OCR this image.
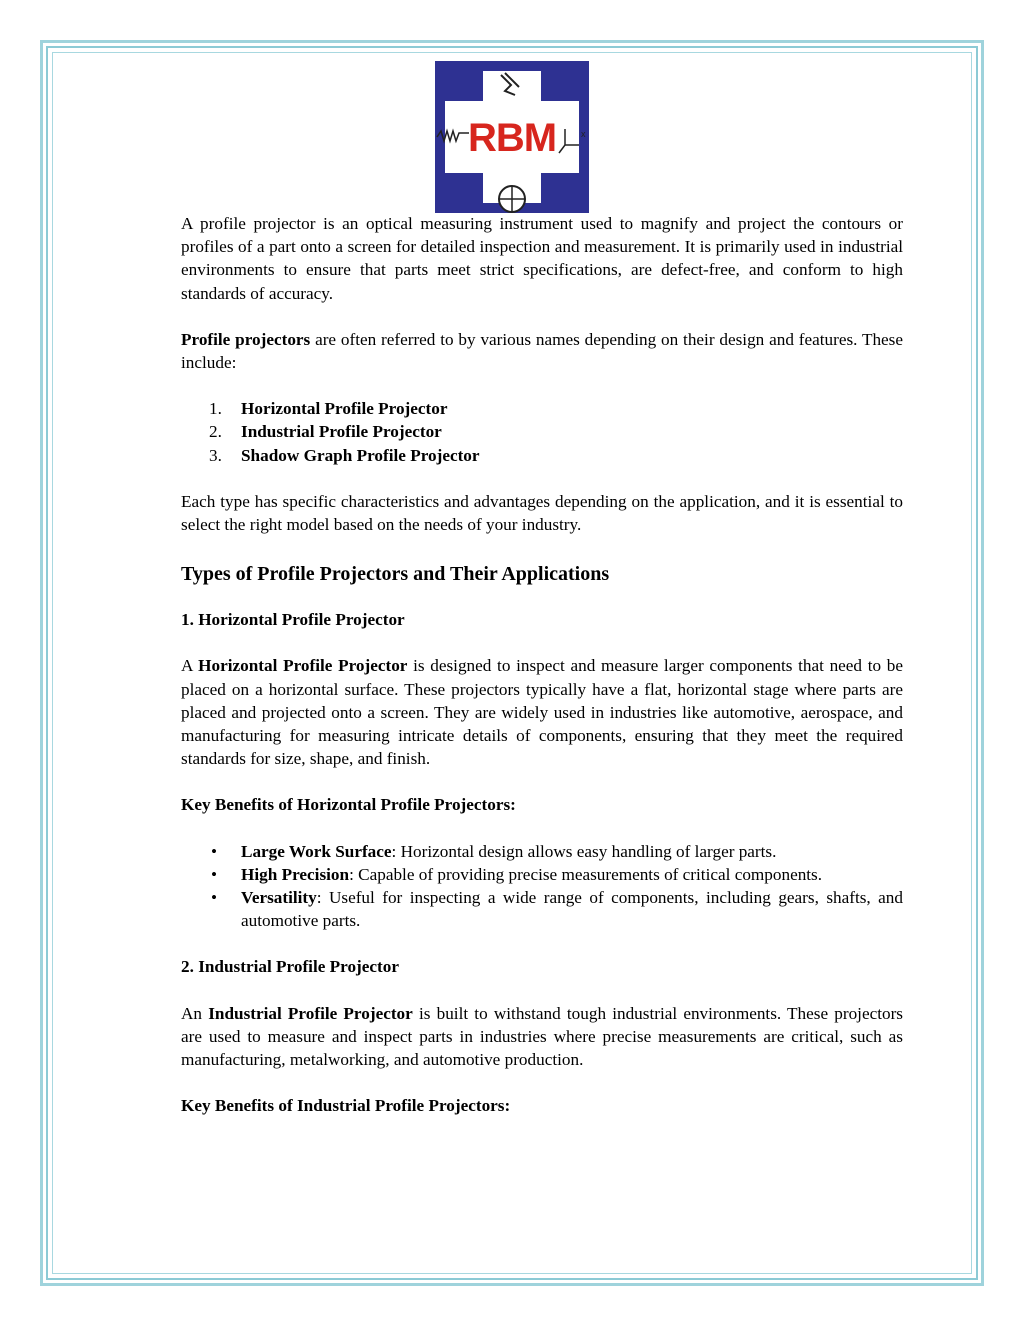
RBM	x

A profile projector is an optical measuring instrument used to magnify and project the contours or profiles of a part onto a screen for detailed inspection and measurement. It is primarily used in industrial environments to ensure that parts meet strict specifications, are defect-free, and conform to high standards of accuracy.

Profile projectors are often referred to by various names depending on their design and features. These include:

1. Horizontal Profile Projector
2. Industrial Profile Projector
3. Shadow Graph Profile Projector

Each type has specific characteristics and advantages depending on the application, and it is essential to select the right model based on the needs of your industry.

Types of Profile Projectors and Their Applications

1. Horizontal Profile Projector

A Horizontal Profile Projector is designed to inspect and measure larger components that need to be placed on a horizontal surface. These projectors typically have a flat, horizontal stage where parts are placed and projected onto a screen. They are widely used in industries like automotive, aerospace, and manufacturing for measuring intricate details of components, ensuring that they meet the required standards for size, shape, and finish.

Key Benefits of Horizontal Profile Projectors:

• Large Work Surface: Horizontal design allows easy handling of larger parts.
• High Precision: Capable of providing precise measurements of critical components.
• Versatility: Useful for inspecting a wide range of components, including gears, shafts, and automotive parts.

2. Industrial Profile Projector

An Industrial Profile Projector is built to withstand tough industrial environments. These projectors are used to measure and inspect parts in industries where precise measurements are critical, such as manufacturing, metalworking, and automotive production.

Key Benefits of Industrial Profile Projectors:
